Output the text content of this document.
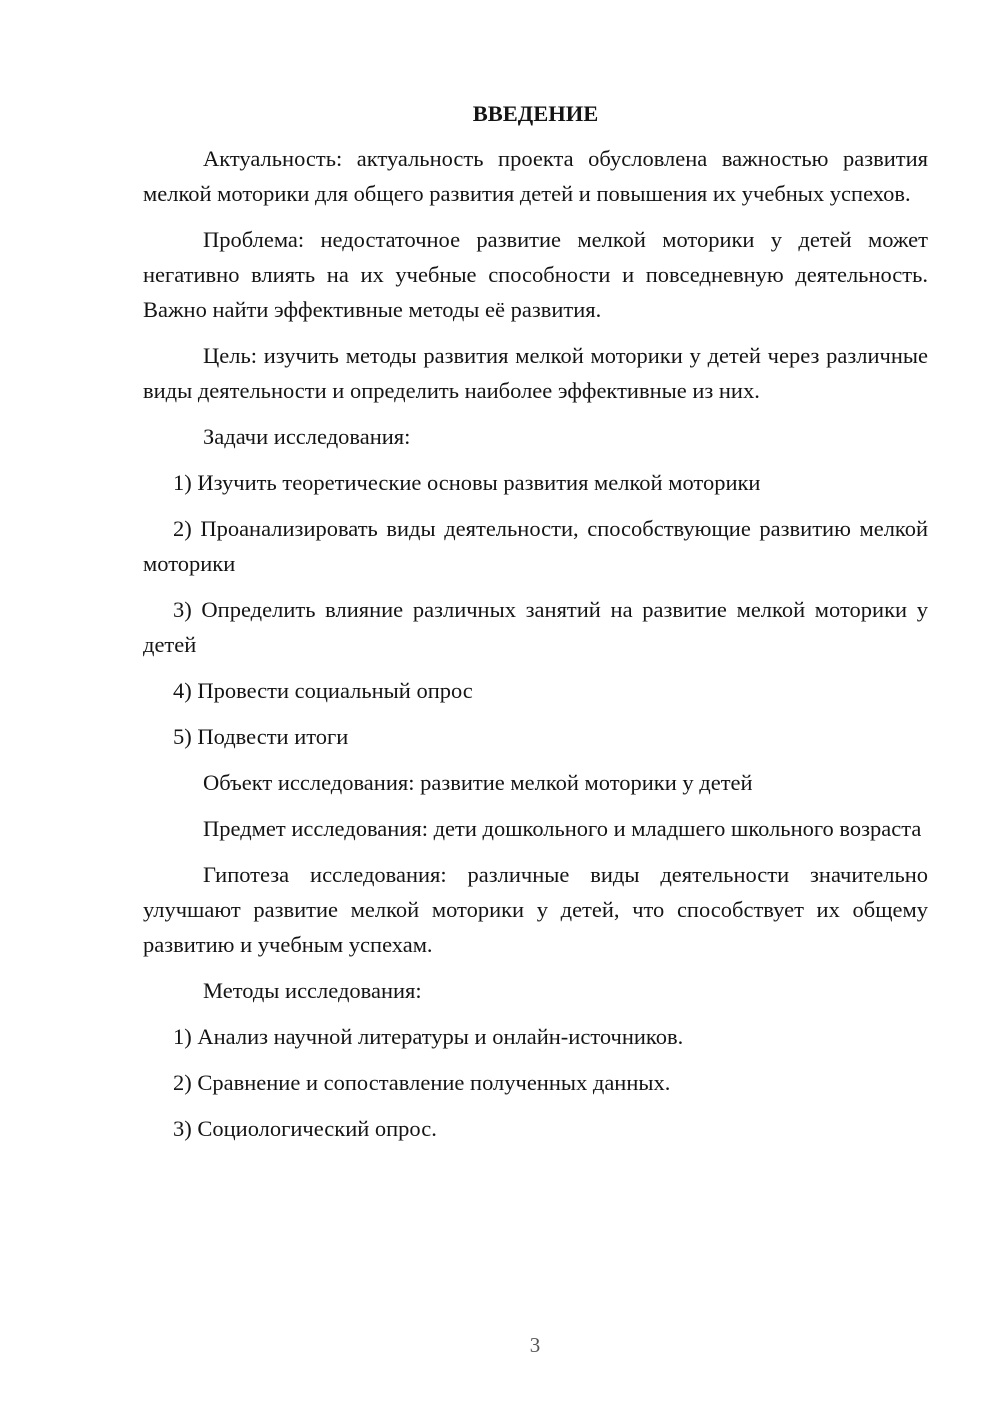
ВВЕДЕНИЕ

Актуальность: актуальность проекта обусловлена важностью развития мелкой моторики для общего развития детей и повышения их учебных успехов.

Проблема: недостаточное развитие мелкой моторики у детей может негативно влиять на их учебные способности и повседневную деятельность. Важно найти эффективные методы её развития.

Цель: изучить методы развития мелкой моторики у детей через различные виды деятельности и определить наиболее эффективные из них.

Задачи исследования:

1) Изучить теоретические основы развития мелкой моторики

2) Проанализировать виды деятельности, способствующие развитию мелкой моторики

3) Определить влияние различных занятий на развитие мелкой моторики у детей

4) Провести социальный опрос

5) Подвести итоги

Объект исследования: развитие мелкой моторики у детей

Предмет исследования: дети дошкольного и младшего школьного возраста

Гипотеза исследования: различные виды деятельности значительно улучшают развитие мелкой моторики у детей, что способствует их общему развитию и учебным успехам.

Методы исследования:

1) Анализ научной литературы и онлайн-источников.

2) Сравнение и сопоставление полученных данных.

3) Социологический опрос.

3
